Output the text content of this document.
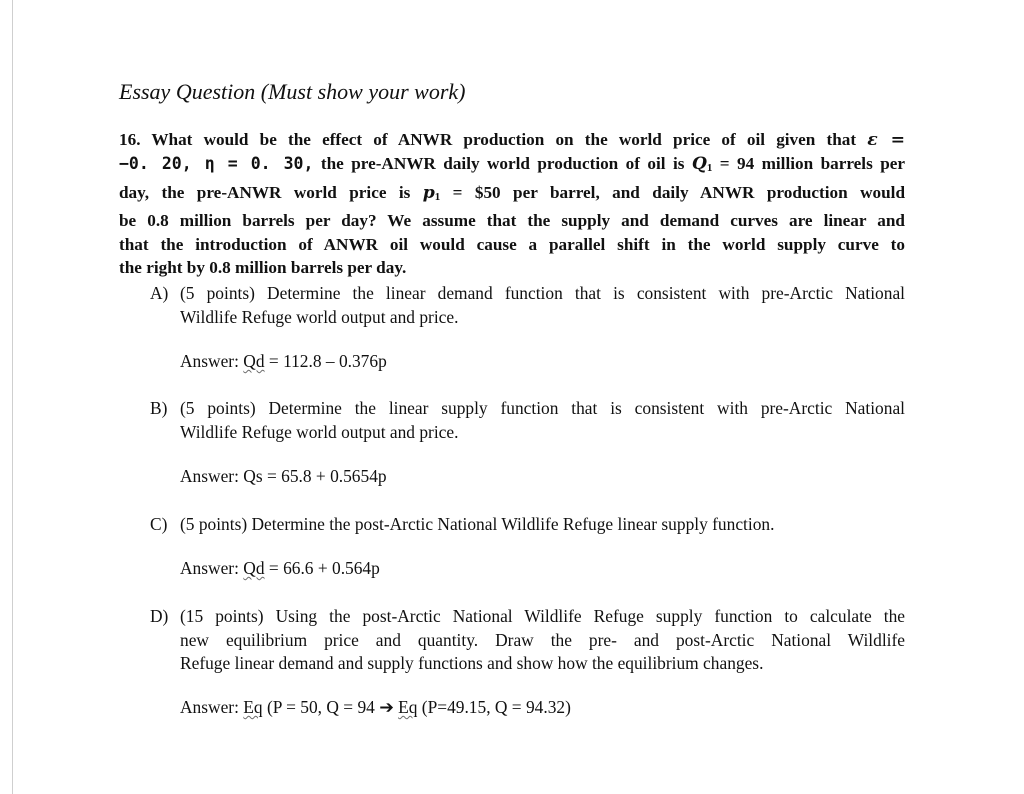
Essay Question (Must show your work)
16. What would be the effect of ANWR production on the world price of oil given that ε =
−0. 20, η = 0. 30, the pre-ANWR daily world production of oil is Q1 = 94 million barrels per
day, the pre-ANWR world price is p1 = $50 per barrel, and daily ANWR production would
be 0.8 million barrels per day? We assume that the supply and demand curves are linear and
that the introduction of ANWR oil would cause a parallel shift in the world supply curve to
the right by 0.8 million barrels per day.
A) (5 points) Determine the linear demand function that is consistent with pre-Arctic National
Wildlife Refuge world output and price.
Answer: Qd = 112.8 – 0.376p
B) (5 points) Determine the linear supply function that is consistent with pre-Arctic National
Wildlife Refuge world output and price.
Answer: Qs = 65.8 + 0.5654p
C) (5 points) Determine the post-Arctic National Wildlife Refuge linear supply function.
Answer: Qd = 66.6 + 0.564p
D) (15 points) Using the post-Arctic National Wildlife Refuge supply function to calculate the
new equilibrium price and quantity. Draw the pre- and post-Arctic National Wildlife
Refuge linear demand and supply functions and show how the equilibrium changes.
Answer: Eq (P = 50, Q = 94 ➔ Eq (P=49.15, Q = 94.32)
